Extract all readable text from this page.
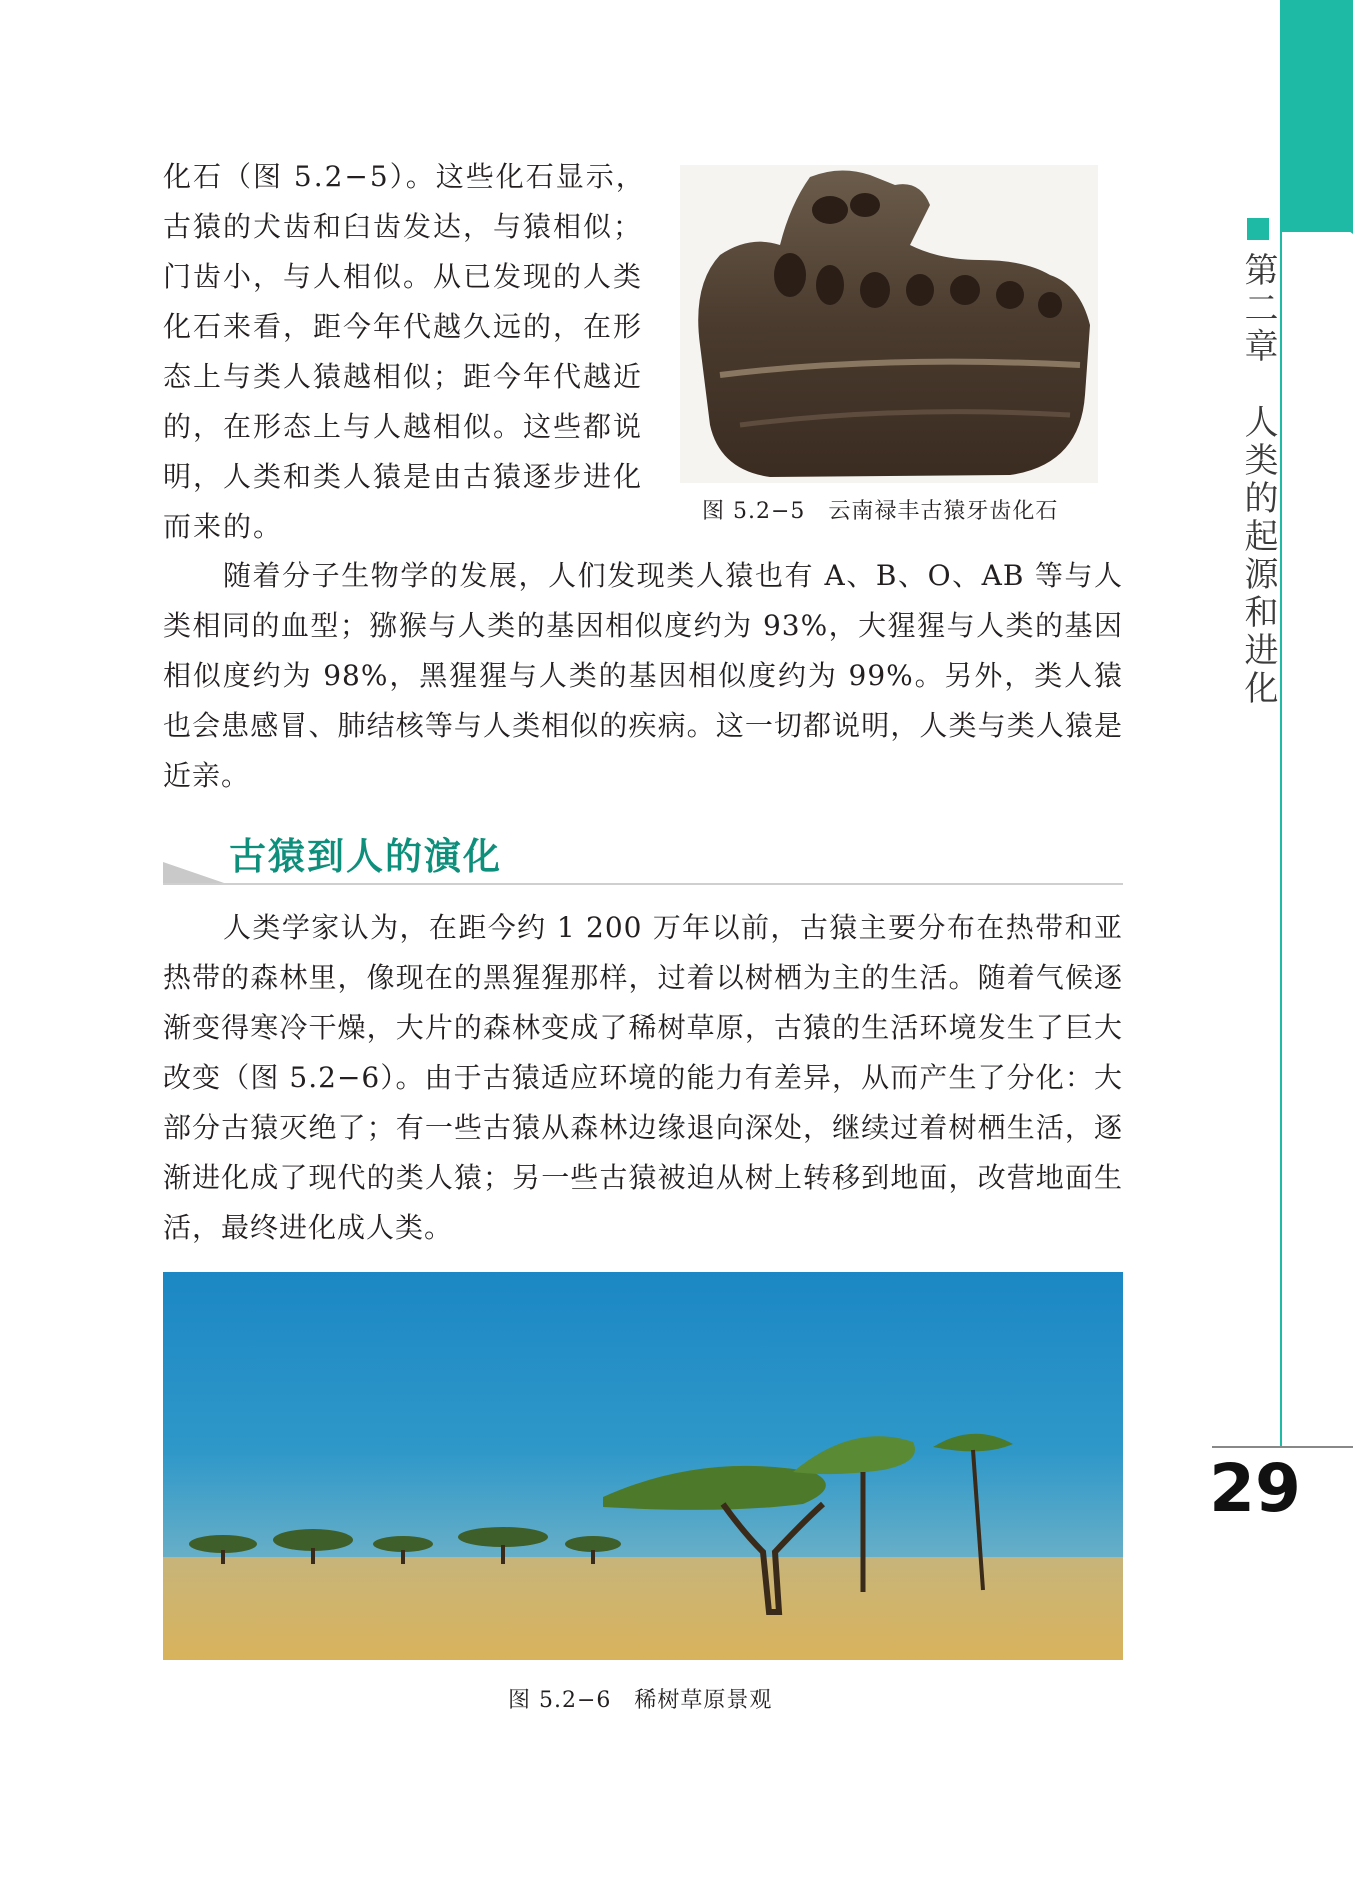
第二章　人类的起源和进化
29

化石（图 5.2−5）。这些化石显示，古猿的犬齿和臼齿发达，与猿相似；门齿小，与人相似。从已发现的人类化石来看，距今年代越久远的，在形态上与类人猿越相似；距今年代越近的，在形态上与人越相似。这些都说明，人类和类人猿是由古猿逐步进化而来的。	图 5.2−5　云南禄丰古猿牙齿化石

随着分子生物学的发展，人们发现类人猿也有 A、B、O、AB 等与人类相同的血型；猕猴与人类的基因相似度约为 93%，大猩猩与人类的基因相似度约为 98%，黑猩猩与人类的基因相似度约为 99%。另外，类人猿也会患感冒、肺结核等与人类相似的疾病。这一切都说明，人类与类人猿是近亲。

古猿到人的演化

人类学家认为，在距今约 1 200 万年以前，古猿主要分布在热带和亚热带的森林里，像现在的黑猩猩那样，过着以树栖为主的生活。随着气候逐渐变得寒冷干燥，大片的森林变成了稀树草原，古猿的生活环境发生了巨大改变（图 5.2−6）。由于古猿适应环境的能力有差异，从而产生了分化：大部分古猿灭绝了；有一些古猿从森林边缘退向深处，继续过着树栖生活，逐渐进化成了现代的类人猿；另一些古猿被迫从树上转移到地面，改营地面生活，最终进化成人类。

图 5.2−6　稀树草原景观
